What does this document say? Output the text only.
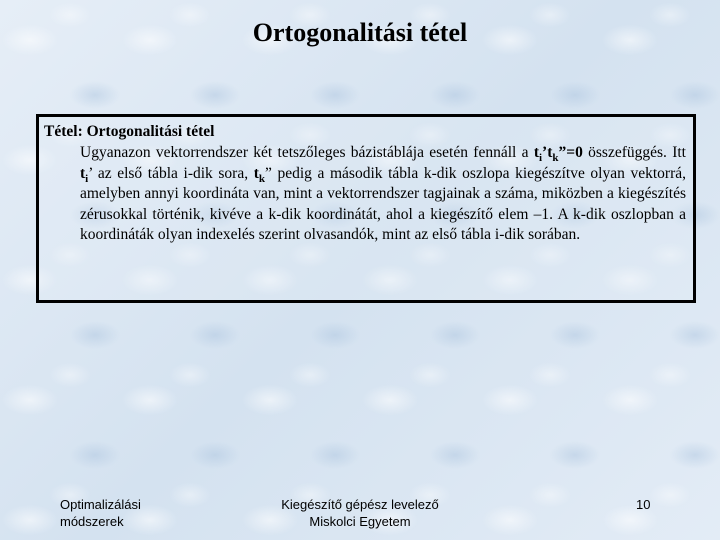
Ortogonalitási tétel
Tétel: Ortogonalitási tétel

Ugyanazon vektorrendszer két tetszőleges bázistáblája esetén fennáll a $t_i’t_k”=0$ összefüggés. Itt $t_i$’ az első tábla i-dik sora, $t_k$” pedig a második tábla k-dik oszlopa kiegészítve olyan vektorrá, amelyben annyi koordináta van, mint a vektorrendszer tagjainak a száma, miközben a kiegészítés zérusokkal történik, kivéve a k-dik koordinátát, ahol a kiegészítő elem –1. A k-dik oszlopban a koordináták olyan indexelés szerint olvasandók, mint az első tábla i-dik sorában.

Optimalizálási
módszerek
Kiegészítő gépész levelező
Miskolci Egyetem
10
